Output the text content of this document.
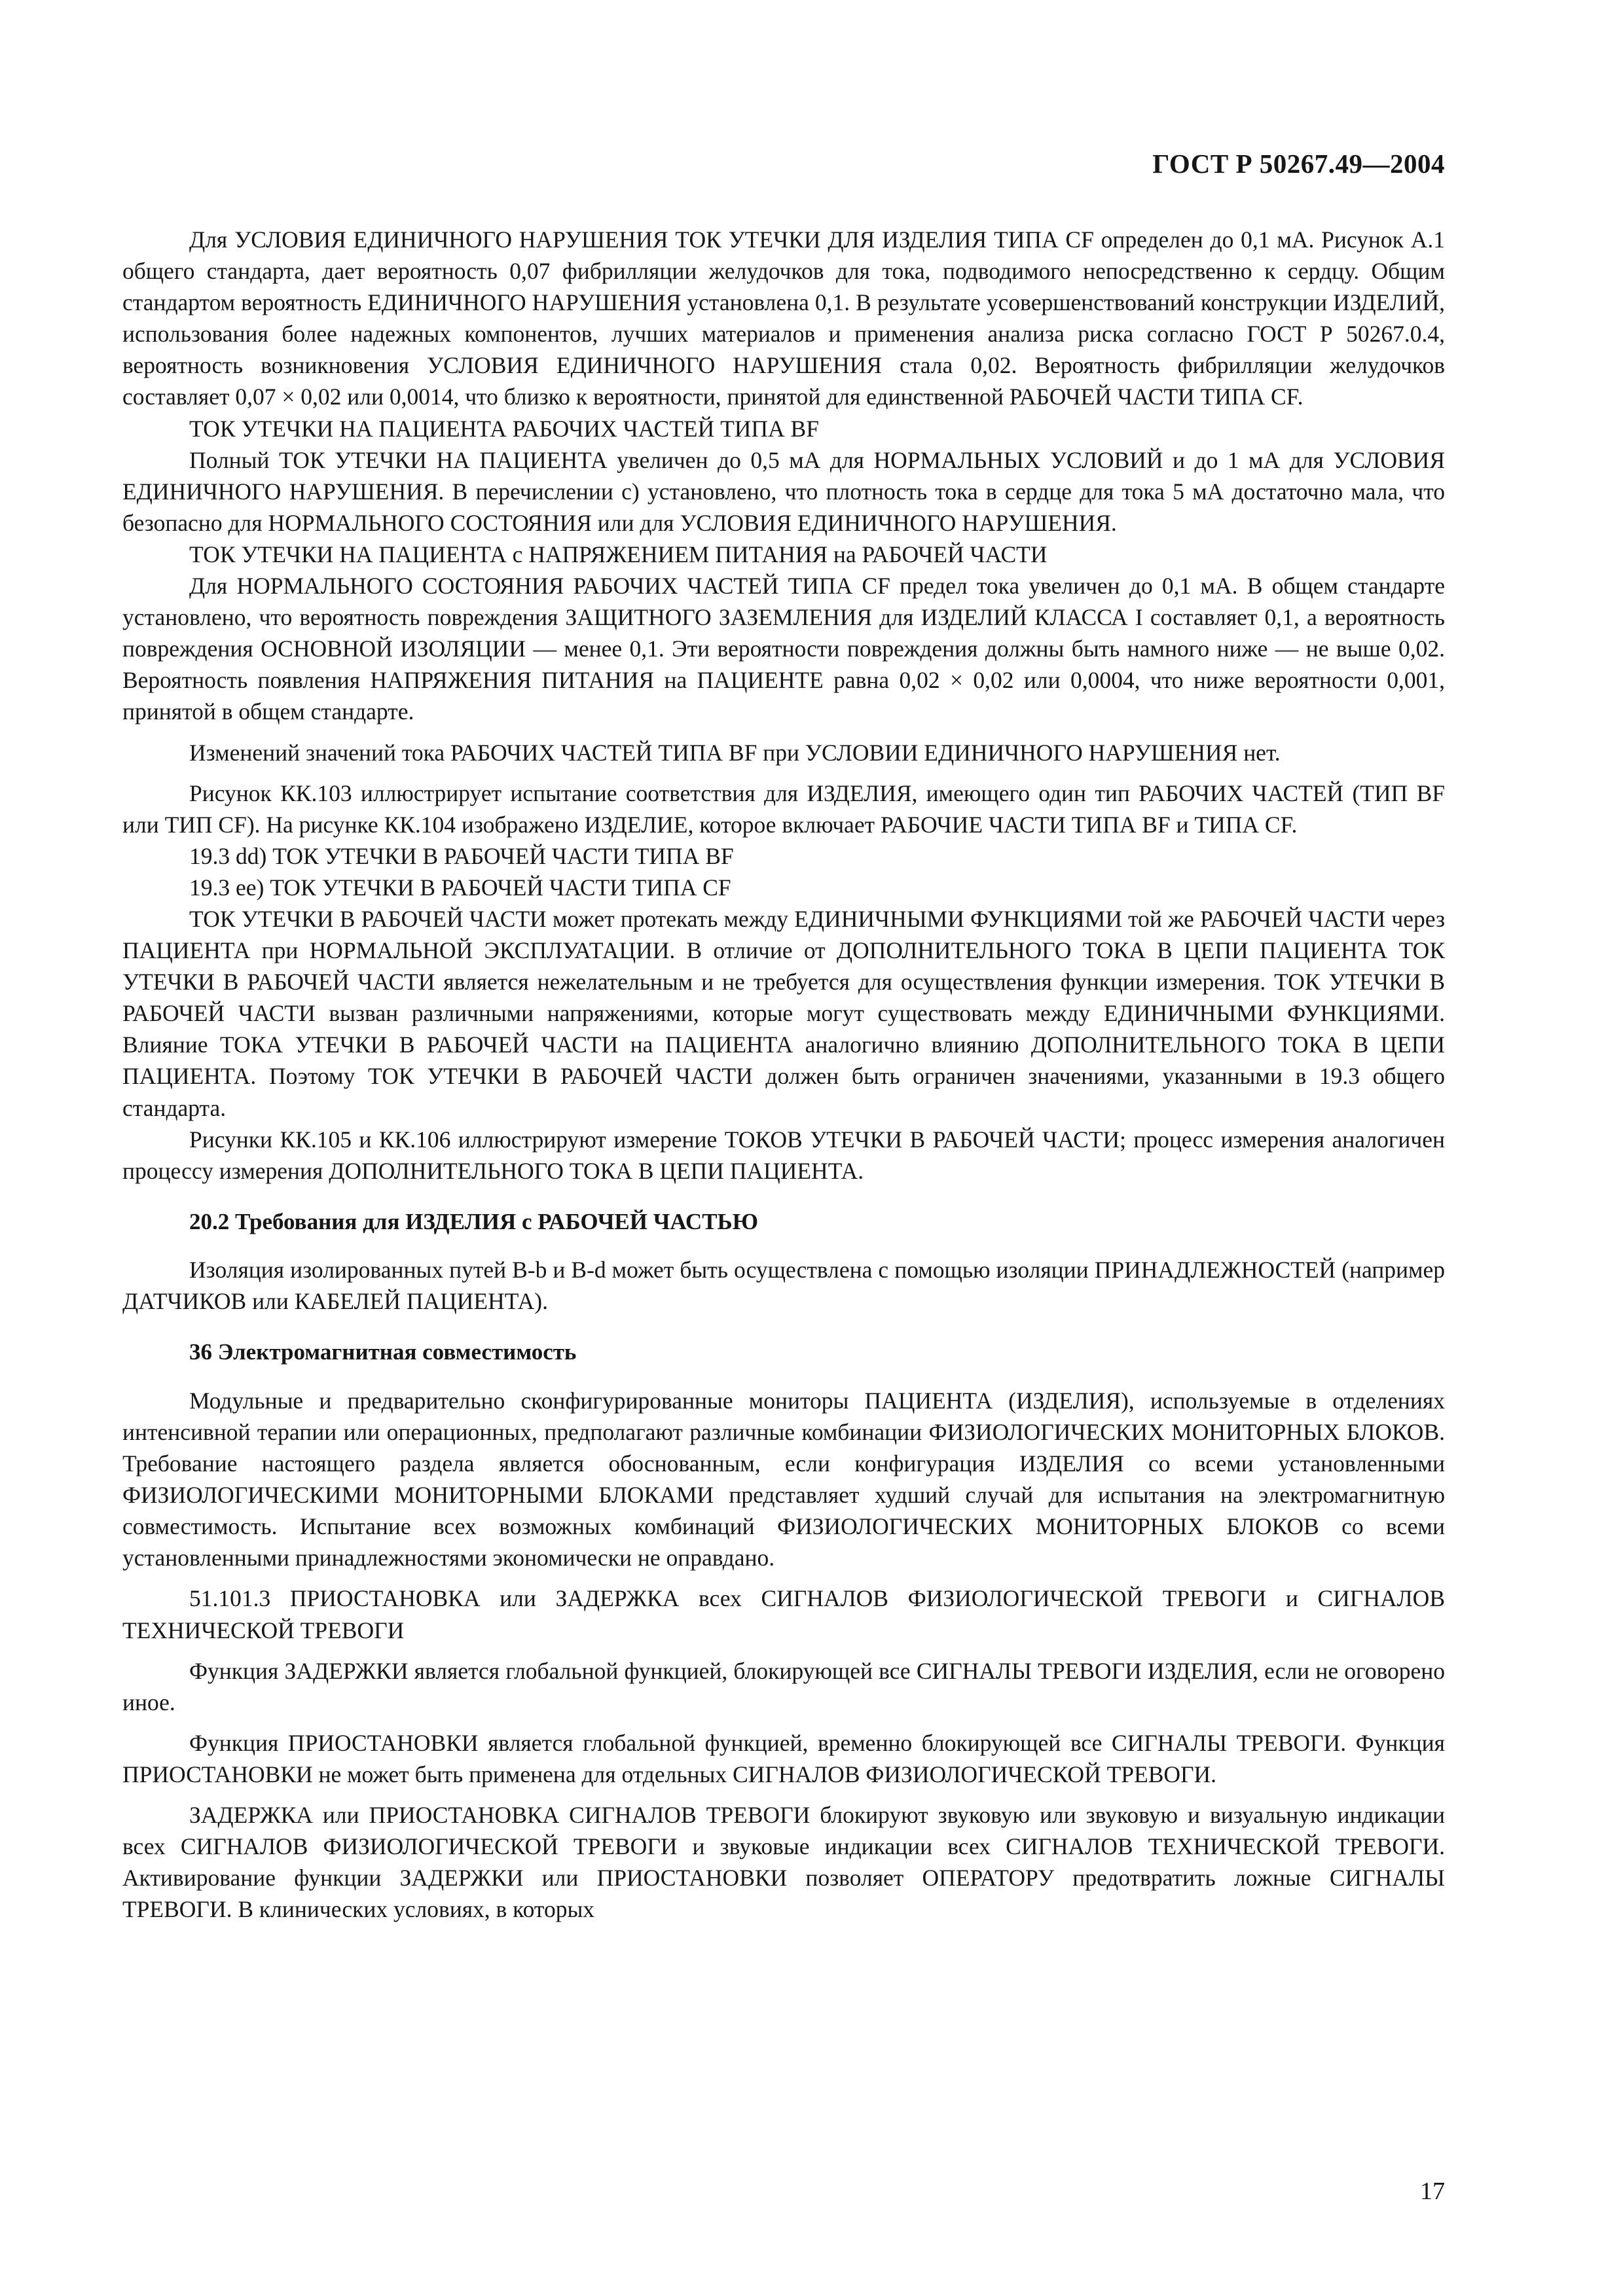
ГОСТ Р 50267.49—2004

Для УСЛОВИЯ ЕДИНИЧНОГО НАРУШЕНИЯ ТОК УТЕЧКИ ДЛЯ ИЗДЕЛИЯ ТИПА CF определен до 0,1 мА. Рисунок А.1 общего стандарта, дает вероятность 0,07 фибрилляции желудочков для тока, подводимого непосредственно к сердцу. Общим стандартом вероятность ЕДИНИЧНОГО НАРУШЕНИЯ установлена 0,1. В результате усовершенствований конструкции ИЗДЕЛИЙ, использования более надежных компонентов, лучших материалов и применения анализа риска согласно ГОСТ Р 50267.0.4, вероятность возникновения УСЛОВИЯ ЕДИНИЧНОГО НАРУШЕНИЯ стала 0,02. Вероятность фибрилляции желудочков составляет 0,07 × 0,02 или 0,0014, что близко к вероятности, принятой для единственной РАБОЧЕЙ ЧАСТИ ТИПА CF.

ТОК УТЕЧКИ НА ПАЦИЕНТА РАБОЧИХ ЧАСТЕЙ ТИПА BF

Полный ТОК УТЕЧКИ НА ПАЦИЕНТА увеличен до 0,5 мА для НОРМАЛЬНЫХ УСЛОВИЙ и до 1 мА для УСЛОВИЯ ЕДИНИЧНОГО НАРУШЕНИЯ. В перечислении с) установлено, что плотность тока в сердце для тока 5 мА достаточно мала, что безопасно для НОРМАЛЬНОГО СОСТОЯНИЯ или для УСЛОВИЯ ЕДИНИЧНОГО НАРУШЕНИЯ.

ТОК УТЕЧКИ НА ПАЦИЕНТА с НАПРЯЖЕНИЕМ ПИТАНИЯ на РАБОЧЕЙ ЧАСТИ

Для НОРМАЛЬНОГО СОСТОЯНИЯ РАБОЧИХ ЧАСТЕЙ ТИПА CF предел тока увеличен до 0,1 мА. В общем стандарте установлено, что вероятность повреждения ЗАЩИТНОГО ЗАЗЕМЛЕНИЯ для ИЗДЕЛИЙ КЛАССА I составляет 0,1, а вероятность повреждения ОСНОВНОЙ ИЗОЛЯЦИИ — менее 0,1. Эти вероятности повреждения должны быть намного ниже — не выше 0,02. Вероятность появления НАПРЯЖЕНИЯ ПИТАНИЯ на ПАЦИЕНТЕ равна 0,02 × 0,02 или 0,0004, что ниже вероятности 0,001, принятой в общем стандарте.

Изменений значений тока РАБОЧИХ ЧАСТЕЙ ТИПА BF при УСЛОВИИ ЕДИНИЧНОГО НАРУШЕНИЯ нет.

Рисунок КК.103 иллюстрирует испытание соответствия для ИЗДЕЛИЯ, имеющего один тип РАБОЧИХ ЧАСТЕЙ (ТИП BF или ТИП CF). На рисунке КК.104 изображено ИЗДЕЛИЕ, которое включает РАБОЧИЕ ЧАСТИ ТИПА BF и ТИПА CF.

19.3 dd) ТОК УТЕЧКИ В РАБОЧЕЙ ЧАСТИ ТИПА BF

19.3 ее) ТОК УТЕЧКИ В РАБОЧЕЙ ЧАСТИ ТИПА CF

ТОК УТЕЧКИ В РАБОЧЕЙ ЧАСТИ может протекать между ЕДИНИЧНЫМИ ФУНКЦИЯМИ той же РАБОЧЕЙ ЧАСТИ через ПАЦИЕНТА при НОРМАЛЬНОЙ ЭКСПЛУАТАЦИИ. В отличие от ДОПОЛНИТЕЛЬНОГО ТОКА В ЦЕПИ ПАЦИЕНТА ТОК УТЕЧКИ В РАБОЧЕЙ ЧАСТИ является нежелательным и не требуется для осуществления функции измерения. ТОК УТЕЧКИ В РАБОЧЕЙ ЧАСТИ вызван различными напряжениями, которые могут существовать между ЕДИНИЧНЫМИ ФУНКЦИЯМИ. Влияние ТОКА УТЕЧКИ В РАБОЧЕЙ ЧАСТИ на ПАЦИЕНТА аналогично влиянию ДОПОЛНИТЕЛЬНОГО ТОКА В ЦЕПИ ПАЦИЕНТА. Поэтому ТОК УТЕЧКИ В РАБОЧЕЙ ЧАСТИ должен быть ограничен значениями, указанными в 19.3 общего стандарта.

Рисунки КК.105 и КК.106 иллюстрируют измерение ТОКОВ УТЕЧКИ В РАБОЧЕЙ ЧАСТИ; процесс измерения аналогичен процессу измерения ДОПОЛНИТЕЛЬНОГО ТОКА В ЦЕПИ ПАЦИЕНТА.

20.2 Требования для ИЗДЕЛИЯ с РАБОЧЕЙ ЧАСТЬЮ

Изоляция изолированных путей B-b и B-d может быть осуществлена с помощью изоляции ПРИНАДЛЕЖНОСТЕЙ (например ДАТЧИКОВ или КАБЕЛЕЙ ПАЦИЕНТА).

36 Электромагнитная совместимость

Модульные и предварительно сконфигурированные мониторы ПАЦИЕНТА (ИЗДЕЛИЯ), используемые в отделениях интенсивной терапии или операционных, предполагают различные комбинации ФИЗИОЛОГИЧЕСКИХ МОНИТОРНЫХ БЛОКОВ. Требование настоящего раздела является обоснованным, если конфигурация ИЗДЕЛИЯ со всеми установленными ФИЗИОЛОГИЧЕСКИМИ МОНИТОРНЫМИ БЛОКАМИ представляет худший случай для испытания на электромагнитную совместимость. Испытание всех возможных комбинаций ФИЗИОЛОГИЧЕСКИХ МОНИТОРНЫХ БЛОКОВ со всеми установленными принадлежностями экономически не оправдано.

51.101.3 ПРИОСТАНОВКА или ЗАДЕРЖКА всех СИГНАЛОВ ФИЗИОЛОГИЧЕСКОЙ ТРЕВОГИ и СИГНАЛОВ ТЕХНИЧЕСКОЙ ТРЕВОГИ

Функция ЗАДЕРЖКИ является глобальной функцией, блокирующей все СИГНАЛЫ ТРЕВОГИ ИЗДЕЛИЯ, если не оговорено иное.

Функция ПРИОСТАНОВКИ является глобальной функцией, временно блокирующей все СИГНАЛЫ ТРЕВОГИ. Функция ПРИОСТАНОВКИ не может быть применена для отдельных СИГНАЛОВ ФИЗИОЛОГИЧЕСКОЙ ТРЕВОГИ.

ЗАДЕРЖКА или ПРИОСТАНОВКА СИГНАЛОВ ТРЕВОГИ блокируют звуковую или звуковую и визуальную индикации всех СИГНАЛОВ ФИЗИОЛОГИЧЕСКОЙ ТРЕВОГИ и звуковые индикации всех СИГНАЛОВ ТЕХНИЧЕСКОЙ ТРЕВОГИ. Активирование функции ЗАДЕРЖКИ или ПРИОСТАНОВКИ позволяет ОПЕРАТОРУ предотвратить ложные СИГНАЛЫ ТРЕВОГИ. В клинических условиях, в которых

17
